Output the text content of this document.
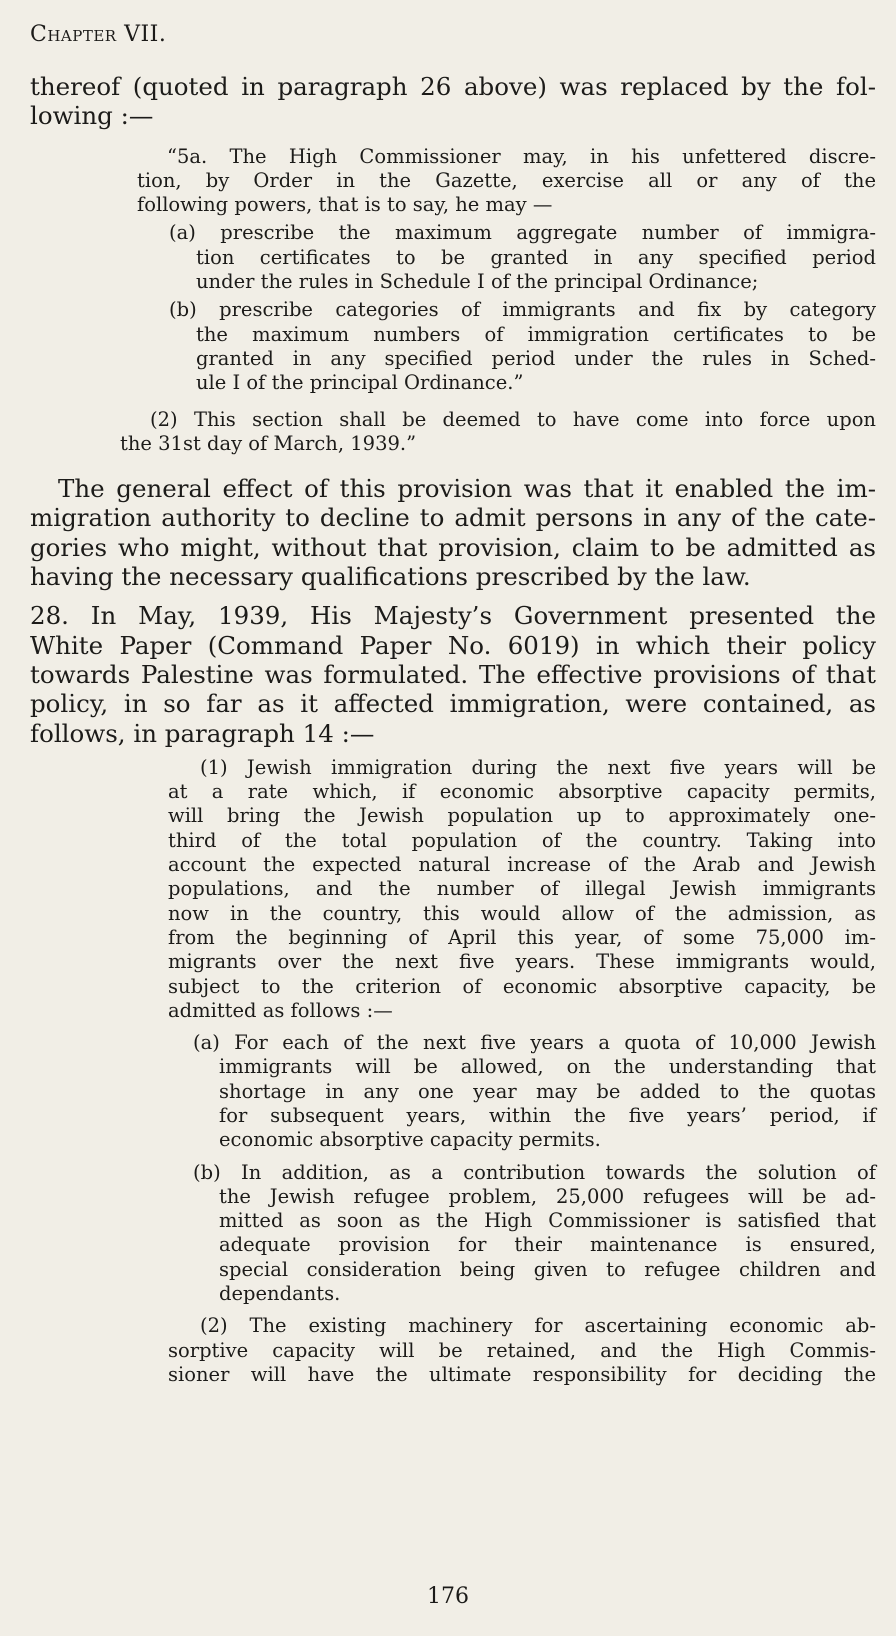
Chapter VII.
thereof (quoted in paragraph 26 above) was replaced by the fol-
lowing :—
“5a. The High Commissioner may, in his unfettered discre-
tion, by Order in the Gazette, exercise all or any of the
following powers, that is to say, he may —
(a) prescribe the maximum aggregate number of immigra-
tion certificates to be granted in any specified period
under the rules in Schedule I of the principal Ordinance;
(b) prescribe categories of immigrants and fix by category
the maximum numbers of immigration certificates to be
granted in any specified period under the rules in Sched-
ule I of the principal Ordinance.”
(2) This section shall be deemed to have come into force upon
the 31st day of March, 1939.”
The general effect of this provision was that it enabled the im-
migration authority to decline to admit persons in any of the cate-
gories who might, without that provision, claim to be admitted as
having the necessary qualifications prescribed by the law.
28. In May, 1939, His Majesty’s Government presented the
White Paper (Command Paper No. 6019) in which their policy
towards Palestine was formulated. The effective provisions of that
policy, in so far as it affected immigration, were contained, as
follows, in paragraph 14 :—
(1) Jewish immigration during the next five years will be
at a rate which, if economic absorptive capacity permits,
will bring the Jewish population up to approximately one-
third of the total population of the country. Taking into
account the expected natural increase of the Arab and Jewish
populations, and the number of illegal Jewish immigrants
now in the country, this would allow of the admission, as
from the beginning of April this year, of some 75,000 im-
migrants over the next five years. These immigrants would,
subject to the criterion of economic absorptive capacity, be
admitted as follows :—
(a) For each of the next five years a quota of 10,000 Jewish
immigrants will be allowed, on the understanding that
shortage in any one year may be added to the quotas
for subsequent years, within the five years’ period, if
economic absorptive capacity permits.
(b) In addition, as a contribution towards the solution of
the Jewish refugee problem, 25,000 refugees will be ad-
mitted as soon as the High Commissioner is satisfied that
adequate provision for their maintenance is ensured,
special consideration being given to refugee children and
dependants.
(2) The existing machinery for ascertaining economic ab-
sorptive capacity will be retained, and the High Commis-
sioner will have the ultimate responsibility for deciding the
176
